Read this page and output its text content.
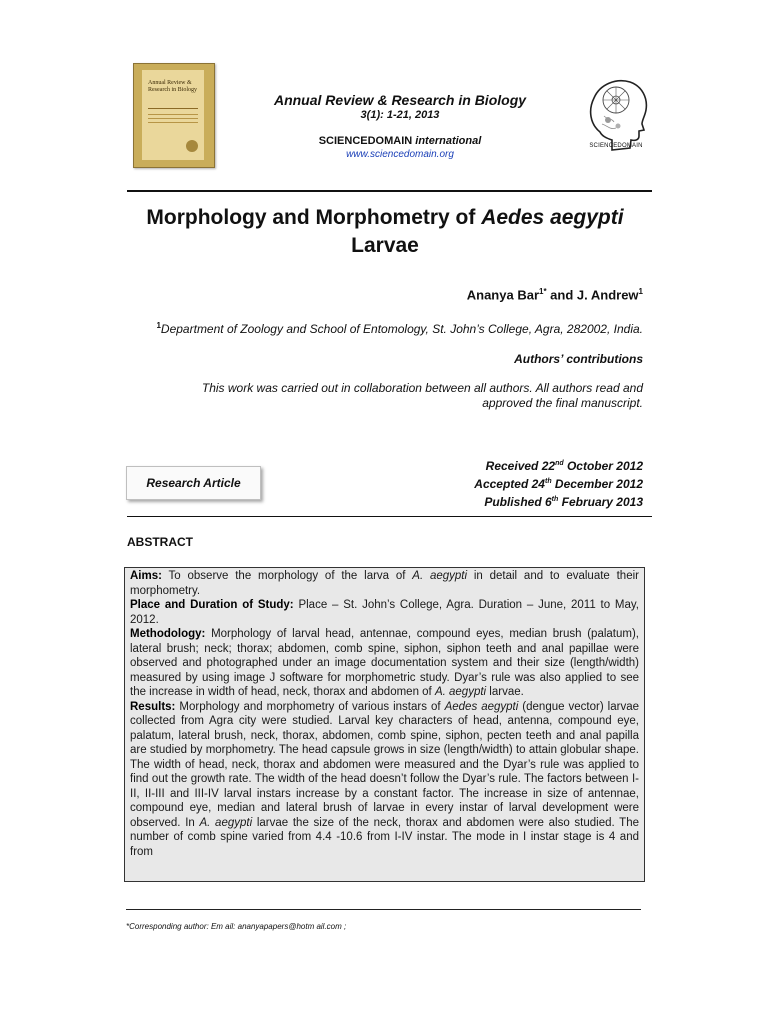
Annual Review & Research in Biology
Annual Review & Research in Biology
3(1): 1-21, 2013
SCIENCEDOMAIN international
www.sciencedomain.org
SCIENCEDOMAIN
Morphology and Morphometry of Aedes aegypti
Larvae
Ananya Bar$^{1*}$ and J. Andrew$^1$
$^1$Department of Zoology and School of Entomology, St. John’s College, Agra, 282002, India.
Authors’ contributions
This work was carried out in collaboration between all authors. All authors read and approved the final manuscript.
Research Article
Received 22nd October 2012
Accepted 24th December 2012
Published 6th February 2013
ABSTRACT

Aims: To observe the morphology of the larva of A. aegypti in detail and to evaluate their morphometry.

Place and Duration of Study: Place – St. John’s College, Agra. Duration – June, 2011 to May, 2012.

Methodology: Morphology of larval head, antennae, compound eyes, median brush (palatum), lateral brush; neck; thorax; abdomen, comb spine, siphon, siphon teeth and anal papillae were observed and photographed under an image documentation system and their size (length/width) measured by using image J software for morphometric study. Dyar’s rule was also applied to see the increase in width of head, neck, thorax and abdomen of A. aegypti larvae.

Results: Morphology and morphometry of various instars of Aedes aegypti (dengue vector) larvae collected from Agra city were studied. Larval key characters of head, antenna, compound eye, palatum, lateral brush, neck, thorax, abdomen, comb spine, siphon, pecten teeth and anal papilla are studied by morphometry. The head capsule grows in size (length/width) to attain globular shape. The width of head, neck, thorax and abdomen were measured and the Dyar’s rule was applied to find out the growth rate. The width of the head doesn’t follow the Dyar’s rule. The factors between I-II, II-III and III-IV larval instars increase by a constant factor. The increase in size of antennae, compound eye, median and lateral brush of larvae in every instar of larval development were observed. In A. aegypti larvae the size of the neck, thorax and abdomen were also studied. The number of comb spine varied from 4.4 -10.6 from I-IV instar. The mode in I instar stage is 4 and from

*Corresponding author: Em ail: ananyapapers@hotm ail.com ;
